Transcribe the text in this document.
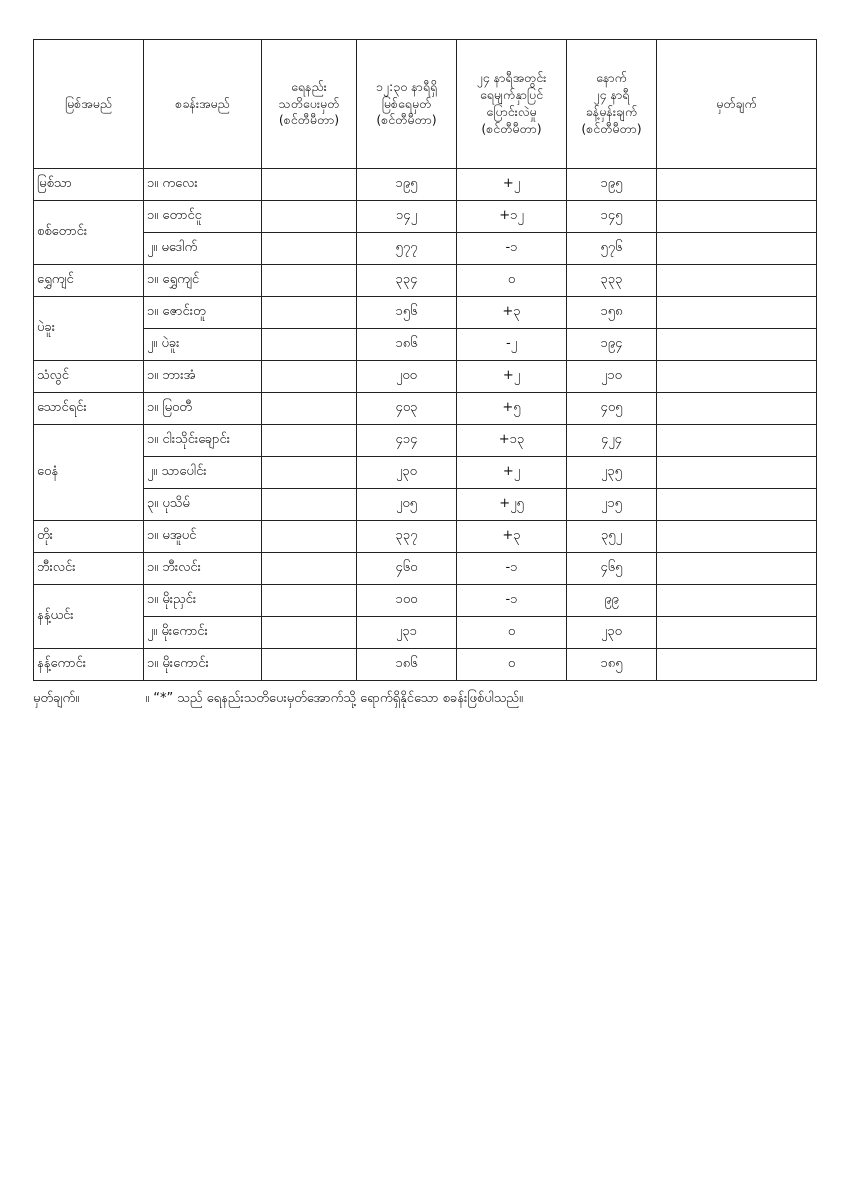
မြစ်အမည်	စခန်းအမည်	ရေနည်း
သတိပေးမှတ်
(စင်တီမီတာ)	၁၂:၃၀ နာရီရှိ
မြစ်ရေမှတ်
(စင်တီမီတာ)	၂၄ နာရီအတွင်း
ရေမျက်နှာပြင်
ပြောင်းလဲမှု
(စင်တီမီတာ)	နောက်
၂၄ နာရီ
ခန့်မှန်းချက်
(စင်တီမီတာ)	မှတ်ချက်
မြစ်သာ	၁။ ကလေး		၁၉၅	+၂	၁၉၅	
စစ်တောင်း	၁။ တောင်ငူ		၁၄၂	+၁၂	၁၄၅	
	၂။ မဒေါက်		၅၇၇	-၁	၅၇၆	
ရွှေကျင်	၁။ ရွှေကျင်		၃၃၄	၀	၃၃၃	
ပဲခူး	၁။ ဇောင်းတူ		၁၅၆	+၃	၁၅၈	
	၂။ ပဲခူး		၁၈၆	-၂	၁၉၄	
သံလွင်	၁။ ဘားအံ		၂၀၀	+၂	၂၁၀	
သောင်ရင်း	၁။ မြဝတီ		၄၀၃	+၅	၄၀၅	
ဝေနံ	၁။ ငါးသိုင်းချောင်း		၄၁၄	+၁၃	၄၂၄	
	၂။ သာပေါင်း		၂၃၀	+၂	၂၃၅	
	၃။ ပုသိမ်		၂၀၅	+၂၅	၂၁၅	
တိုး	၁။ မအူပင်		၃၃၇	+၃	၃၅၂	
ဘီးလင်း	၁။ ဘီးလင်း		၄၆၀	-၁	၄၆၅	
နန့်ယင်း	၁။ မိုးညှင်း		၁၀၀	-၁	၉၉	
	၂။ မိုးကောင်း		၂၃၁	၀	၂၃၀	
နန့်ကောင်း	၁။ မိုးကောင်း		၁၈၆	၀	၁၈၅	
မှတ်ချက်။	။ “*” သည် ရေနည်းသတိပေးမှတ်အောက်သို့ ရောက်ရှိနိုင်သော စခန်းဖြစ်ပါသည်။
